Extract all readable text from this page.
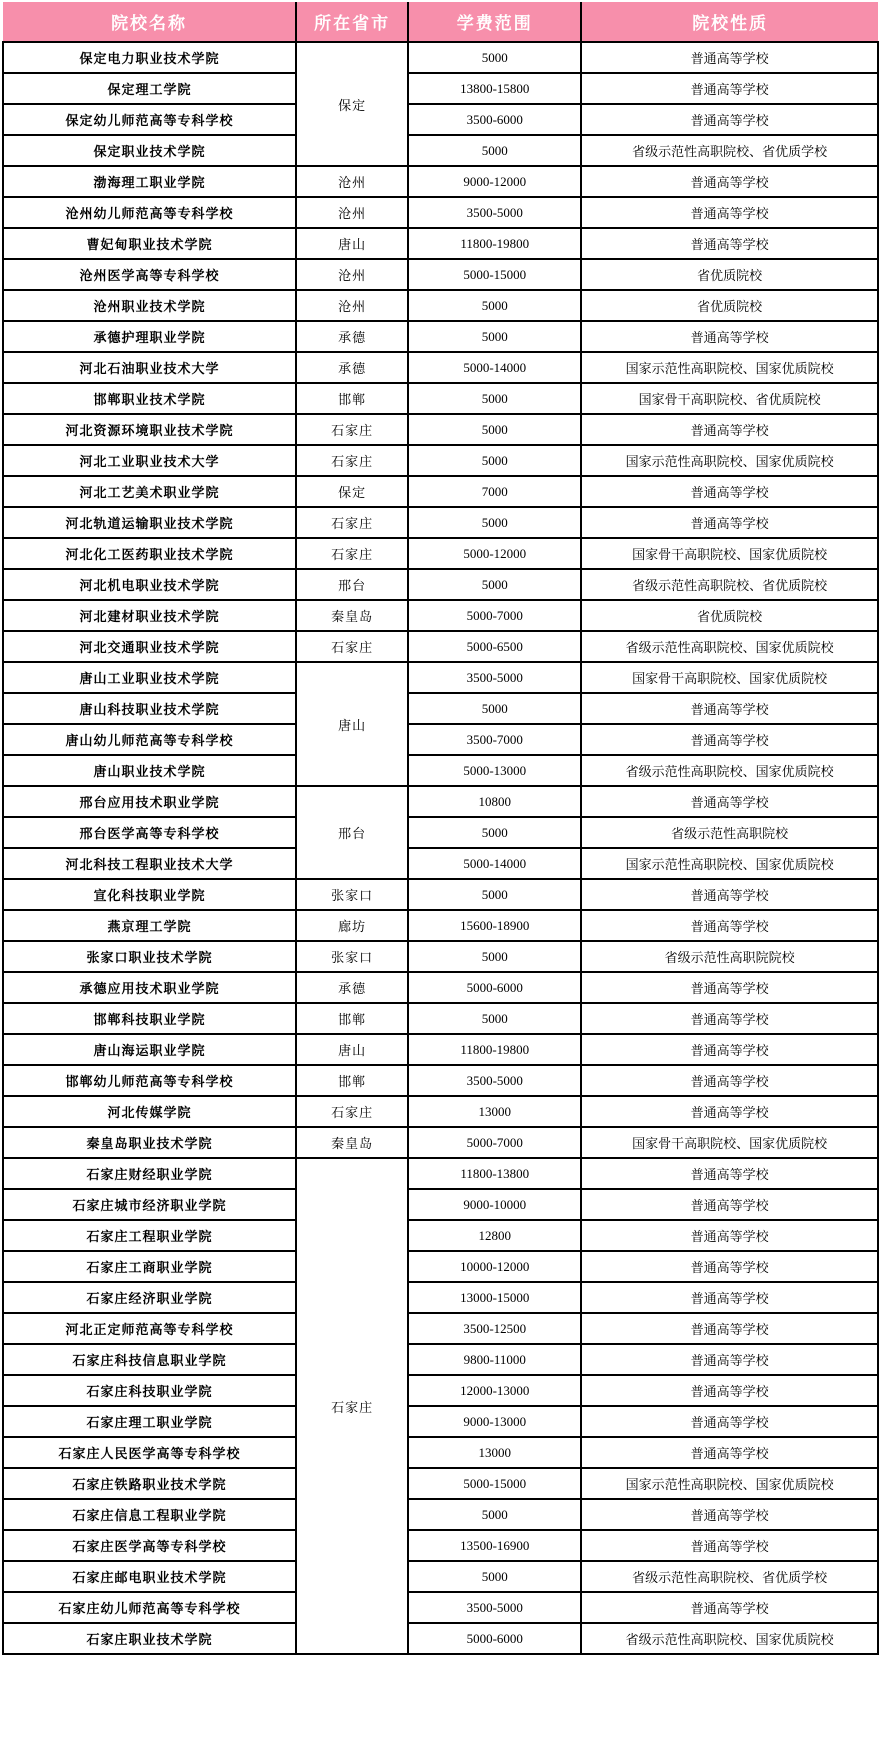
院校名称	所在省市	学费范围	院校性质
保定电力职业技术学院	保定	5000	普通高等学校
保定理工学院		13800-15800	普通高等学校
保定幼儿师范高等专科学校		3500-6000	普通高等学校
保定职业技术学院		5000	省级示范性高职院校、省优质学校
渤海理工职业学院	沧州	9000-12000	普通高等学校
沧州幼儿师范高等专科学校	沧州	3500-5000	普通高等学校
曹妃甸职业技术学院	唐山	11800-19800	普通高等学校
沧州医学高等专科学校	沧州	5000-15000	省优质院校
沧州职业技术学院	沧州	5000	省优质院校
承德护理职业学院	承德	5000	普通高等学校
河北石油职业技术大学	承德	5000-14000	国家示范性高职院校、国家优质院校
邯郸职业技术学院	邯郸	5000	国家骨干高职院校、省优质院校
河北资源环境职业技术学院	石家庄	5000	普通高等学校
河北工业职业技术大学	石家庄	5000	国家示范性高职院校、国家优质院校
河北工艺美术职业学院	保定	7000	普通高等学校
河北轨道运输职业技术学院	石家庄	5000	普通高等学校
河北化工医药职业技术学院	石家庄	5000-12000	国家骨干高职院校、国家优质院校
河北机电职业技术学院	邢台	5000	省级示范性高职院校、省优质院校
河北建材职业技术学院	秦皇岛	5000-7000	省优质院校
河北交通职业技术学院	石家庄	5000-6500	省级示范性高职院校、国家优质院校
唐山工业职业技术学院	唐山	3500-5000	国家骨干高职院校、国家优质院校
唐山科技职业技术学院		5000	普通高等学校
唐山幼儿师范高等专科学校		3500-7000	普通高等学校
唐山职业技术学院		5000-13000	省级示范性高职院校、国家优质院校
邢台应用技术职业学院	邢台	10800	普通高等学校
邢台医学高等专科学校		5000	省级示范性高职院校
河北科技工程职业技术大学		5000-14000	国家示范性高职院校、国家优质院校
宣化科技职业学院	张家口	5000	普通高等学校
燕京理工学院	廊坊	15600-18900	普通高等学校
张家口职业技术学院	张家口	5000	省级示范性高职院院校
承德应用技术职业学院	承德	5000-6000	普通高等学校
邯郸科技职业学院	邯郸	5000	普通高等学校
唐山海运职业学院	唐山	11800-19800	普通高等学校
邯郸幼儿师范高等专科学校	邯郸	3500-5000	普通高等学校
河北传媒学院	石家庄	13000	普通高等学校
秦皇岛职业技术学院	秦皇岛	5000-7000	国家骨干高职院校、国家优质院校
石家庄财经职业学院	石家庄	11800-13800	普通高等学校
石家庄城市经济职业学院		9000-10000	普通高等学校
石家庄工程职业学院		12800	普通高等学校
石家庄工商职业学院		10000-12000	普通高等学校
石家庄经济职业学院		13000-15000	普通高等学校
河北正定师范高等专科学校		3500-12500	普通高等学校
石家庄科技信息职业学院		9800-11000	普通高等学校
石家庄科技职业学院		12000-13000	普通高等学校
石家庄理工职业学院		9000-13000	普通高等学校
石家庄人民医学高等专科学校		13000	普通高等学校
石家庄铁路职业技术学院		5000-15000	国家示范性高职院校、国家优质院校
石家庄信息工程职业学院		5000	普通高等学校
石家庄医学高等专科学校		13500-16900	普通高等学校
石家庄邮电职业技术学院		5000	省级示范性高职院校、省优质学校
石家庄幼儿师范高等专科学校		3500-5000	普通高等学校
石家庄职业技术学院		5000-6000	省级示范性高职院校、国家优质院校
